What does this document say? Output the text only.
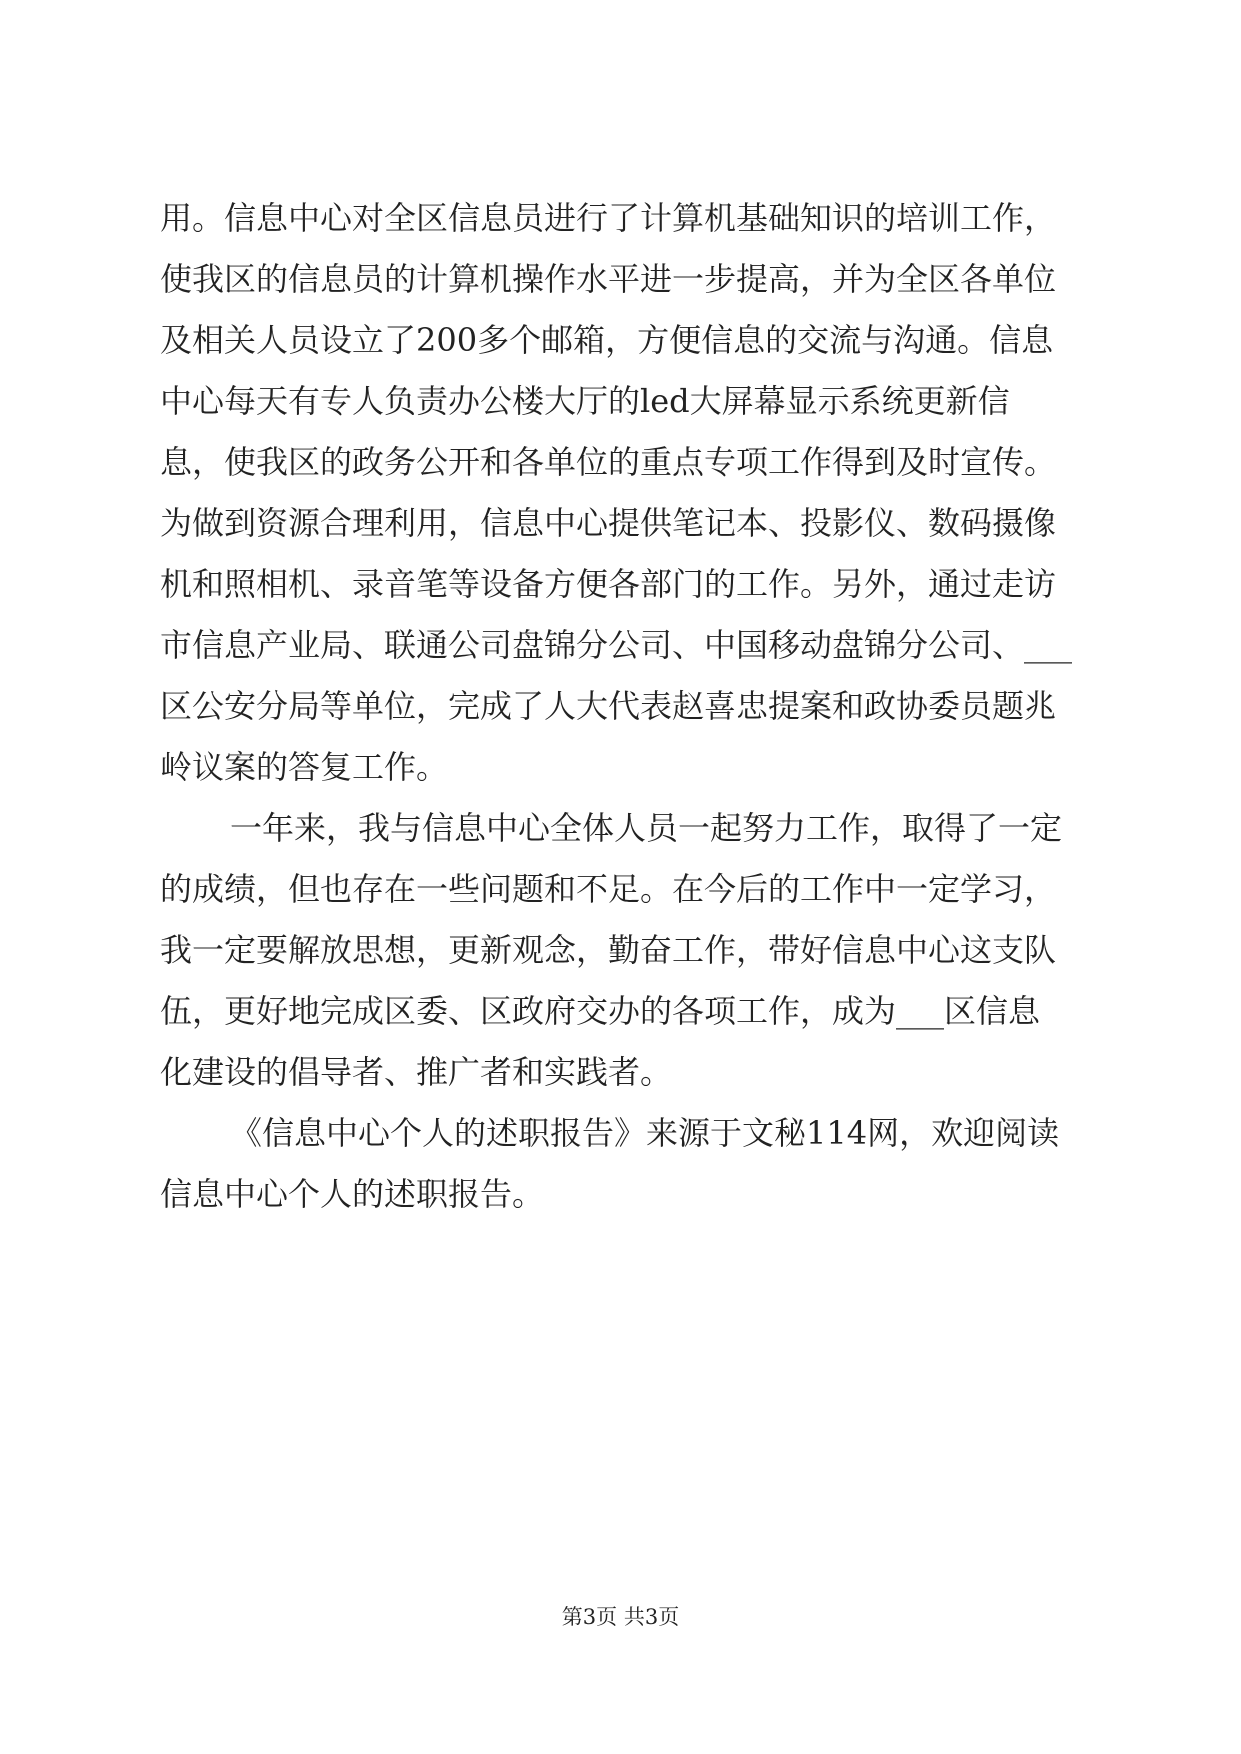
用。信息中心对全区信息员进行了计算机基础知识的培训工作，
使我区的信息员的计算机操作水平进一步提高，并为全区各单位
及相关人员设立了200多个邮箱，方便信息的交流与沟通。信息
中心每天有专人负责办公楼大厅的led大屏幕显示系统更新信
息，使我区的政务公开和各单位的重点专项工作得到及时宣传。
为做到资源合理利用，信息中心提供笔记本、投影仪、数码摄像
机和照相机、录音笔等设备方便各部门的工作。另外，通过走访
市信息产业局、联通公司盘锦分公司、中国移动盘锦分公司、___
区公安分局等单位，完成了人大代表赵喜忠提案和政协委员题兆
岭议案的答复工作。
一年来，我与信息中心全体人员一起努力工作，取得了一定
的成绩，但也存在一些问题和不足。在今后的工作中一定学习，
我一定要解放思想，更新观念，勤奋工作，带好信息中心这支队
伍，更好地完成区委、区政府交办的各项工作，成为___区信息
化建设的倡导者、推广者和实践者。
《信息中心个人的述职报告》来源于文秘114网，欢迎阅读
信息中心个人的述职报告。
第3页 共3页
